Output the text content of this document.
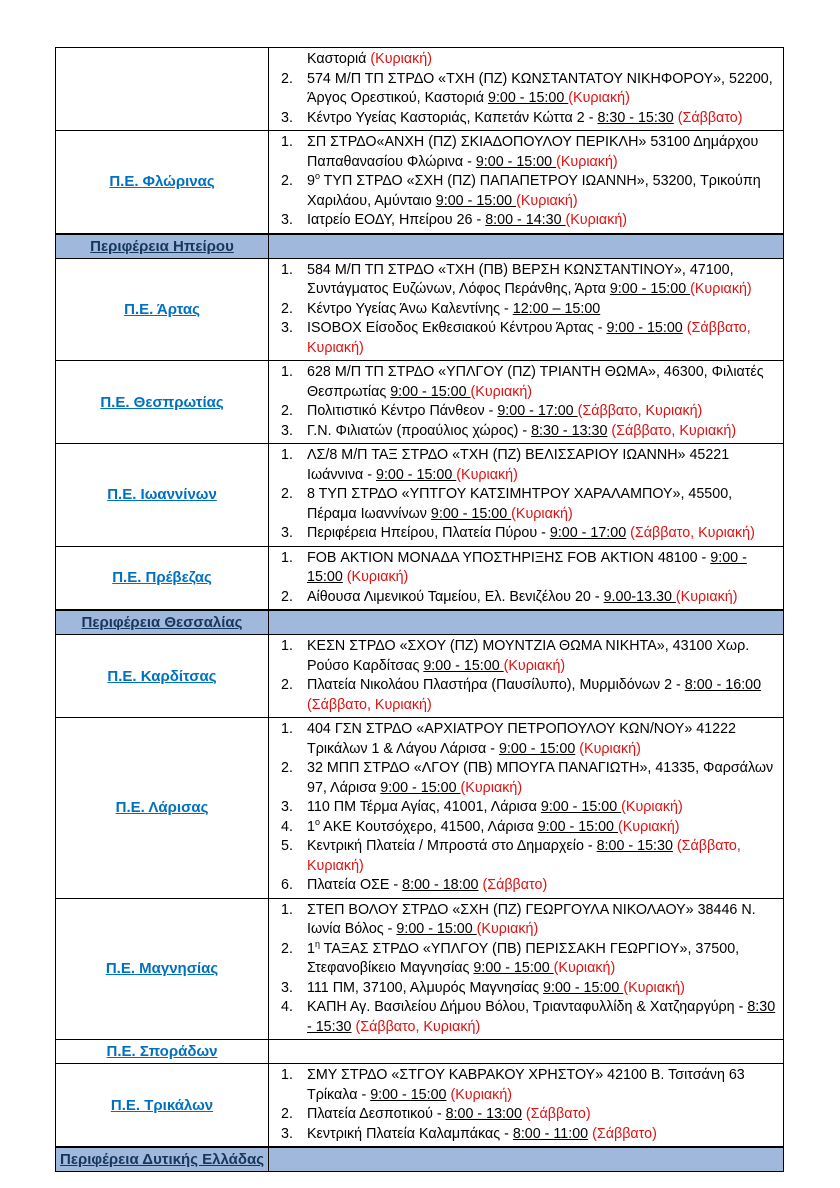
Καστοριά (Κυριακή)
2. 574 Μ/Π ΤΠ ΣΤΡΔΟ «ΤΧΗ (ΠΖ) ΚΩΝΣΤΑΝΤΑΤΟΥ ΝΙΚΗΦΟΡΟΥ», 52200, Άργος Ορεστικού, Καστοριά 9:00 - 15:00 (Κυριακή)
3. Κέντρο Υγείας Καστοριάς, Καπετάν Κώττα 2 - 8:30 - 15:30 (Σάββατο)
Π.Ε. Φλώρινας
1. ΣΠ ΣΤΡΔΟ«ΑΝΧΗ (ΠΖ) ΣΚΙΑΔΟΠΟΥΛΟΥ ΠΕΡΙΚΛΗ» 53100 Δημάρχου Παπαθανασίου Φλώρινα - 9:00 - 15:00 (Κυριακή)
2. $9^o$ ΤΥΠ ΣΤΡΔΟ «ΣΧΗ (ΠΖ) ΠΑΠΑΠΕΤΡΟΥ ΙΩΑΝΝΗ», 53200, Τρικούπη Χαριλάου, Αμύνταιο 9:00 - 15:00 (Κυριακή)
3. Ιατρείο ΕΟΔΥ, Ηπείρου 26 - 8:00 - 14:30 (Κυριακή)
Περιφέρεια Ηπείρου
Π.Ε. Άρτας
1. 584 Μ/Π ΤΠ ΣΤΡΔΟ «ΤΧΗ (ΠΒ) ΒΕΡΣΗ ΚΩΝΣΤΑΝΤΙΝΟΥ», 47100, Συντάγματος Ευζώνων, Λόφος Περάνθης, Άρτα 9:00 - 15:00 (Κυριακή)
2. Κέντρο Υγείας Άνω Καλεντίνης - 12:00 – 15:00
3. ISOBOX Είσοδος Εκθεσιακού Κέντρου Άρτας - 9:00 - 15:00 (Σάββατο, Κυριακή)
Π.Ε. Θεσπρωτίας
1. 628 Μ/Π ΤΠ ΣΤΡΔΟ «ΥΠΛΓΟΥ (ΠΖ) ΤΡΙΑΝΤΗ ΘΩΜΑ», 46300, Φιλιατές Θεσπρωτίας 9:00 - 15:00 (Κυριακή)
2. Πολιτιστικό Κέντρο Πάνθεον - 9:00 - 17:00 (Σάββατο, Κυριακή)
3. Γ.Ν. Φιλιατών (προαύλιος χώρος) - 8:30 - 13:30 (Σάββατο, Κυριακή)
Π.Ε. Ιωαννίνων
1. ΛΣ/8 Μ/Π ΤΑΞ ΣΤΡΔΟ «ΤΧΗ (ΠΖ) ΒΕΛΙΣΣΑΡΙΟΥ ΙΩΑΝΝΗ» 45221 Ιωάννινα - 9:00 - 15:00 (Κυριακή)
2. 8 ΤΥΠ ΣΤΡΔΟ «ΥΠΤΓΟΥ ΚΑΤΣΙΜΗΤΡΟΥ ΧΑΡΑΛΑΜΠΟΥ», 45500, Πέραμα Ιωαννίνων 9:00 - 15:00 (Κυριακή)
3. Περιφέρεια Ηπείρου, Πλατεία Πύρου - 9:00 - 17:00 (Σάββατο, Κυριακή)
Π.Ε. Πρέβεζας
1. FOB ΑΚΤΙΟΝ ΜΟΝΑΔΑ ΥΠΟΣΤΗΡΙΞΗΣ FOB ΑΚΤΙΟΝ 48100 - 9:00 - 15:00 (Κυριακή)
2. Αίθουσα Λιμενικού Ταμείου, Ελ. Βενιζέλου 20 - 9.00-13.30 (Κυριακή)
Περιφέρεια Θεσσαλίας
Π.Ε. Καρδίτσας
1. ΚΕΣΝ ΣΤΡΔΟ «ΣΧΟΥ (ΠΖ) ΜΟΥΝΤΖΙΑ ΘΩΜΑ ΝΙΚΗΤΑ», 43100 Χωρ. Ρούσο Καρδίτσας 9:00 - 15:00 (Κυριακή)
2. Πλατεία Νικολάου Πλαστήρα (Παυσίλυπο), Μυρμιδόνων 2 - 8:00 - 16:00 (Σάββατο, Κυριακή)
Π.Ε. Λάρισας
1. 404 ΓΣΝ ΣΤΡΔΟ «ΑΡΧΙΑΤΡΟΥ ΠΕΤΡΟΠΟΥΛΟΥ ΚΩΝ/ΝΟΥ» 41222 Τρικάλων 1 & Λάγου Λάρισα - 9:00 - 15:00 (Κυριακή)
2. 32 ΜΠΠ ΣΤΡΔΟ «ΛΓΟΥ (ΠΒ) ΜΠΟΥΓΑ ΠΑΝΑΓΙΩΤΗ», 41335, Φαρσάλων 97, Λάρισα 9:00 - 15:00 (Κυριακή)
3. 110 ΠΜ Τέρμα Αγίας, 41001, Λάρισα 9:00 - 15:00 (Κυριακή)
4. $1^o$ ΑΚΕ Κουτσόχερο, 41500, Λάρισα 9:00 - 15:00 (Κυριακή)
5. Κεντρική Πλατεία / Μπροστά στο Δημαρχείο - 8:00 - 15:30 (Σάββατο, Κυριακή)
6. Πλατεία ΟΣΕ - 8:00 - 18:00 (Σάββατο)
Π.Ε. Μαγνησίας
1. ΣΤΕΠ ΒΟΛΟΥ ΣΤΡΔΟ «ΣΧΗ (ΠΖ) ΓΕΩΡΓΟΥΛΑ ΝΙΚΟΛΑΟΥ» 38446 Ν. Ιωνία Βόλος - 9:00 - 15:00 (Κυριακή)
2. $1^\eta$ ΤΑΞΑΣ ΣΤΡΔΟ «ΥΠΛΓΟΥ (ΠΒ) ΠΕΡΙΣΣΑΚΗ ΓΕΩΡΓΙΟΥ», 37500, Στεφανοβίκειο Μαγνησίας 9:00 - 15:00 (Κυριακή)
3. 111 ΠΜ, 37100, Αλμυρός Μαγνησίας 9:00 - 15:00 (Κυριακή)
4. ΚΑΠΗ Αγ. Βασιλείου Δήμου Βόλου, Τριανταφυλλίδη & Χατζηαργύρη - 8:30 - 15:30 (Σάββατο, Κυριακή)
Π.Ε. Σποράδων
Π.Ε. Τρικάλων
1. ΣΜΥ ΣΤΡΔΟ «ΣΤΓΟΥ ΚΑΒΡΑΚΟΥ ΧΡΗΣΤΟΥ» 42100 Β. Τσιτσάνη 63 Τρίκαλα - 9:00 - 15:00 (Κυριακή)
2. Πλατεία Δεσποτικού - 8:00 - 13:00 (Σάββατο)
3. Κεντρική Πλατεία Καλαμπάκας - 8:00 - 11:00 (Σάββατο)
Περιφέρεια Δυτικής Ελλάδας
